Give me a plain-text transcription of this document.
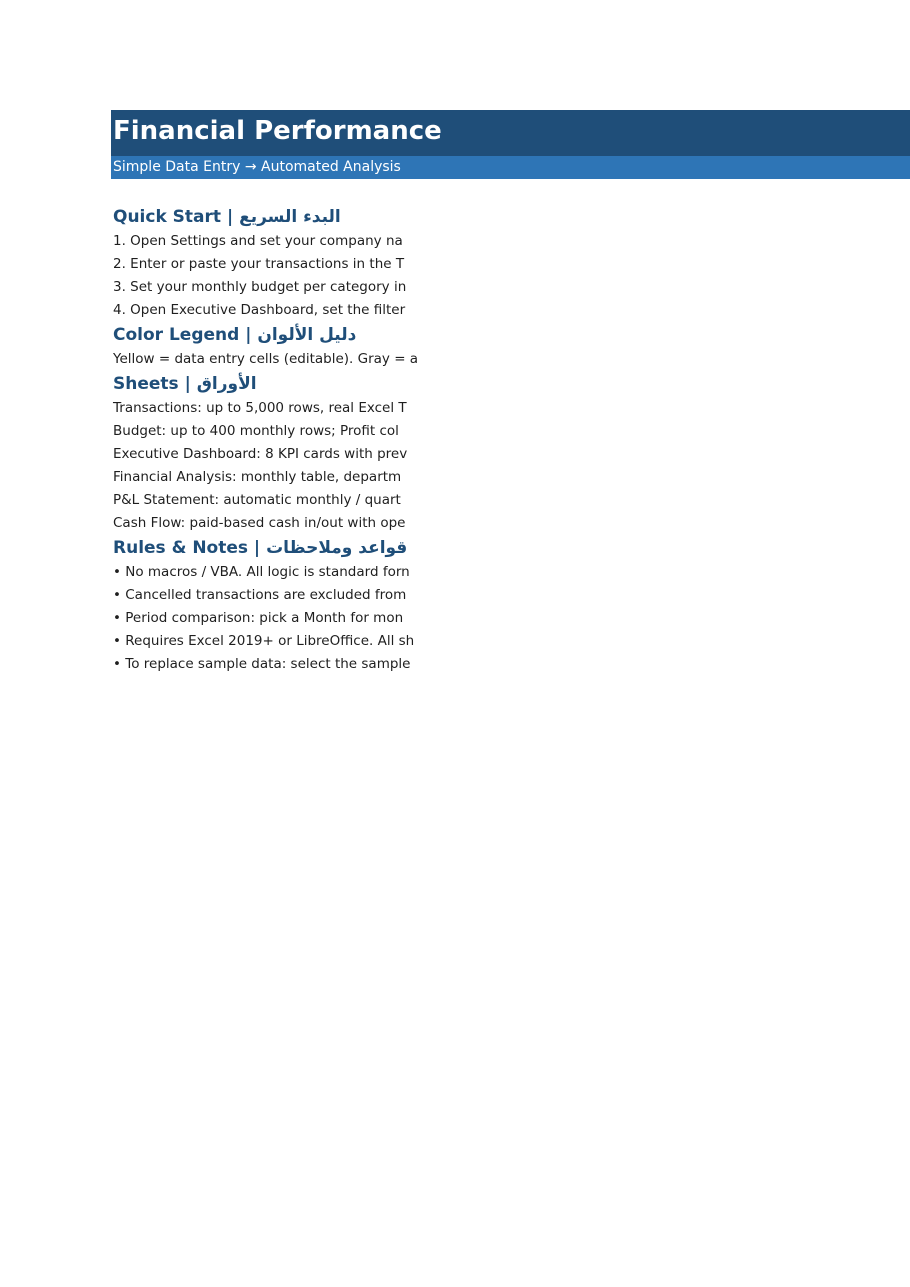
Financial Performance
Simple Data Entry → Automated Analysis
Quick Start | البدء السريع
1. Open Settings and set your company na
2. Enter or paste your transactions in the T
3. Set your monthly budget per category in
4. Open Executive Dashboard, set the filter
Color Legend | دليل الألوان
Yellow = data entry cells (editable). Gray = a
Sheets | الأوراق
Transactions: up to 5,000 rows, real Excel T
Budget: up to 400 monthly rows; Profit col
Executive Dashboard: 8 KPI cards with prev
Financial Analysis: monthly table, departm
P&L Statement: automatic monthly / quart
Cash Flow: paid-based cash in/out with ope
Rules & Notes | قواعد وملاحظات
• No macros / VBA. All logic is standard forn
• Cancelled transactions are excluded from
• Period comparison: pick a Month for mon
• Requires Excel 2019+ or LibreOffice. All sh
• To replace sample data: select the sample
